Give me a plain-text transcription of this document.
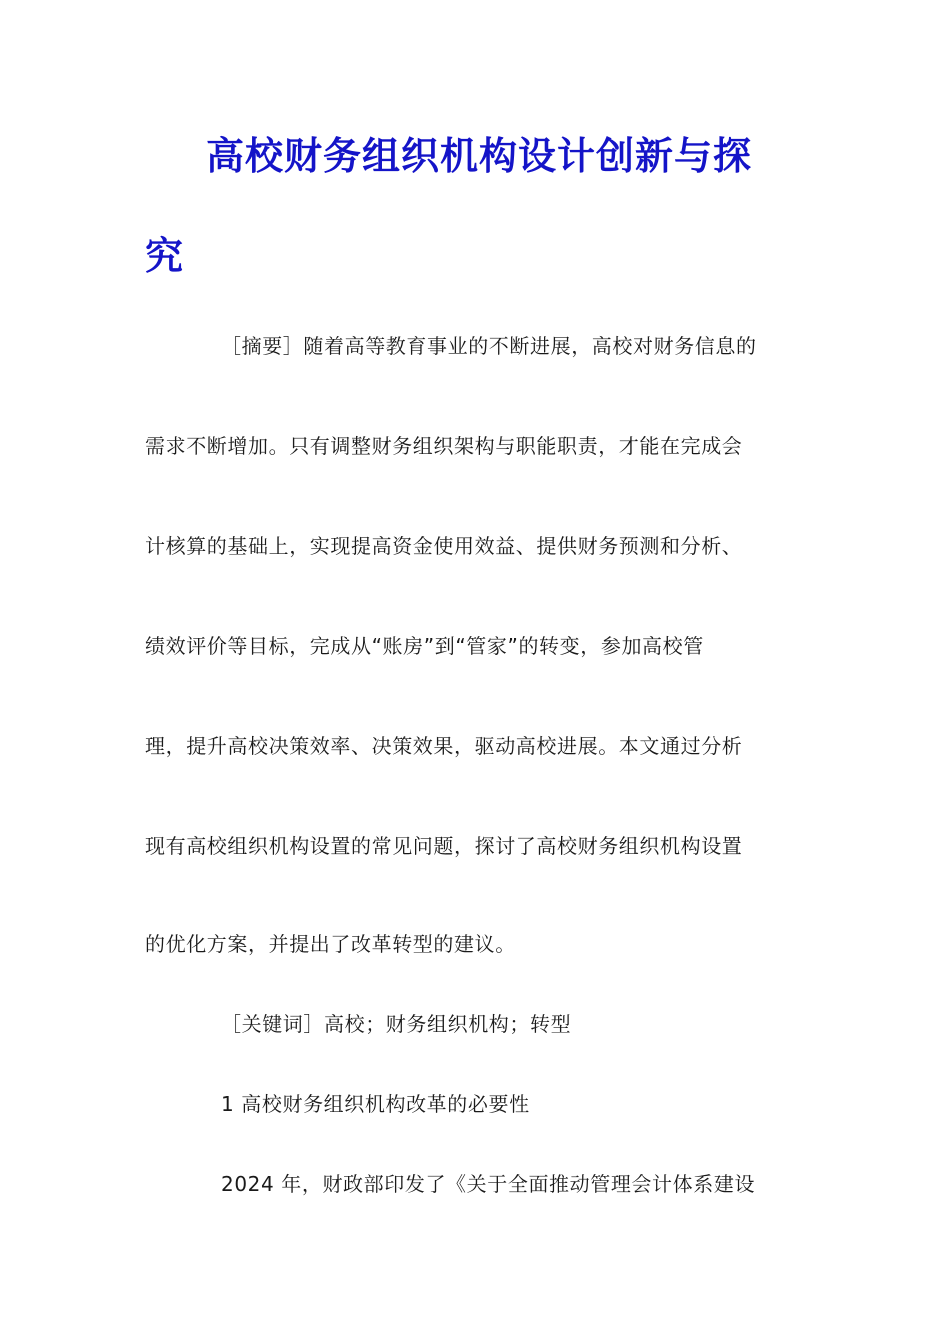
高校财务组织机构设计创新与探
究
［摘要］随着高等教育事业的不断进展，高校对财务信息的
需求不断增加。只有调整财务组织架构与职能职责，才能在完成会
计核算的基础上，实现提高资金使用效益、提供财务预测和分析、
绩效评价等目标，完成从“账房”到“管家”的转变，参加高校管
理，提升高校决策效率、决策效果，驱动高校进展。本文通过分析
现有高校组织机构设置的常见问题，探讨了高校财务组织机构设置
的优化方案，并提出了改革转型的建议。
［关键词］高校；财务组织机构；转型
1 高校财务组织机构改革的必要性
2024 年，财政部印发了《关于全面推动管理会计体系建设
